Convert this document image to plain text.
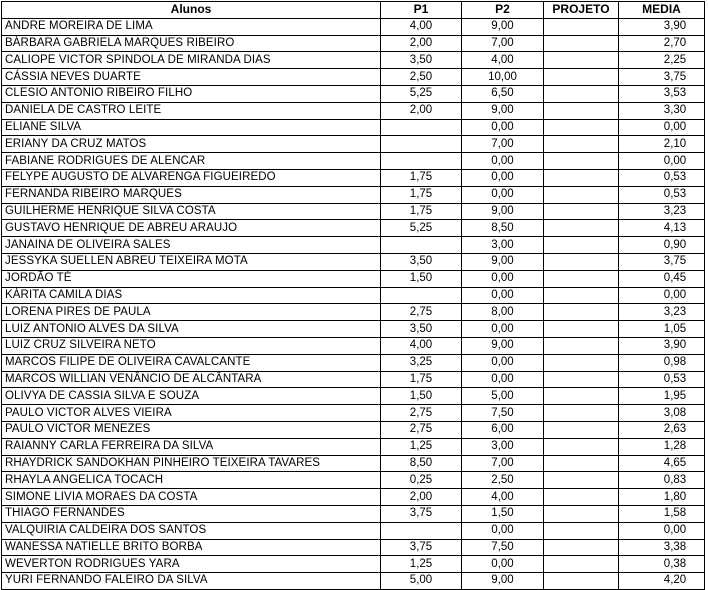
Alunos	P1	P2	PROJETO	MEDIA
ANDRE MOREIRA DE LIMA	4,00	9,00		3,90
BÁRBARA GABRIELA MARQUES RIBEIRO	2,00	7,00		2,70
CALIOPE VICTOR SPINDOLA DE MIRANDA DIAS	3,50	4,00		2,25
CÁSSIA NEVES DUARTE	2,50	10,00		3,75
CLESIO ANTONIO RIBEIRO FILHO	5,25	6,50		3,53
DANIELA DE CASTRO LEITE	2,00	9,00		3,30
ELIANE SILVA		0,00		0,00
ERIANY DA CRUZ MATOS		7,00		2,10
FABIANE RODRIGUES DE ALENCAR		0,00		0,00
FELYPE AUGUSTO DE ALVARENGA FIGUEIREDO	1,75	0,00		0,53
FERNANDA RIBEIRO MARQUES	1,75	0,00		0,53
GUILHERME HENRIQUE SILVA COSTA	1,75	9,00		3,23
GUSTAVO HENRIQUE DE ABREU ARAUJO	5,25	8,50		4,13
JANAINA DE OLIVEIRA SALES		3,00		0,90
JESSYKA SUELLEN ABREU TEIXEIRA MOTA	3,50	9,00		3,75
JORDÃO TÉ	1,50	0,00		0,45
KÁRITA CAMILA DIAS		0,00		0,00
LORENA PIRES DE PAULA	2,75	8,00		3,23
LUIZ ANTONIO ALVES DA SILVA	3,50	0,00		1,05
LUIZ CRUZ SILVEIRA NETO	4,00	9,00		3,90
MARCOS FILIPE DE OLIVEIRA CAVALCANTE	3,25	0,00		0,98
MARCOS WILLIAN VENÂNCIO DE ALCÂNTARA	1,75	0,00		0,53
OLIVYA DE CASSIA SILVA E SOUZA	1,50	5,00		1,95
PAULO VICTOR ALVES VIEIRA	2,75	7,50		3,08
PAULO VICTOR MENEZES	2,75	6,00		2,63
RAIANNY CARLA FERREIRA DA SILVA	1,25	3,00		1,28
RHAYDRICK SANDOKHAN PINHEIRO TEIXEIRA TAVARES	8,50	7,00		4,65
RHAYLA ANGELICA TOCACH	0,25	2,50		0,83
SIMONE LIVIA MORAES DA COSTA	2,00	4,00		1,80
THIAGO FERNANDES	3,75	1,50		1,58
VALQUIRIA CALDEIRA DOS SANTOS		0,00		0,00
WANESSA NATIELLE BRITO BORBA	3,75	7,50		3,38
WEVERTON RODRIGUES YARA	1,25	0,00		0,38
YURI FERNANDO FALEIRO DA SILVA	5,00	9,00		4,20
